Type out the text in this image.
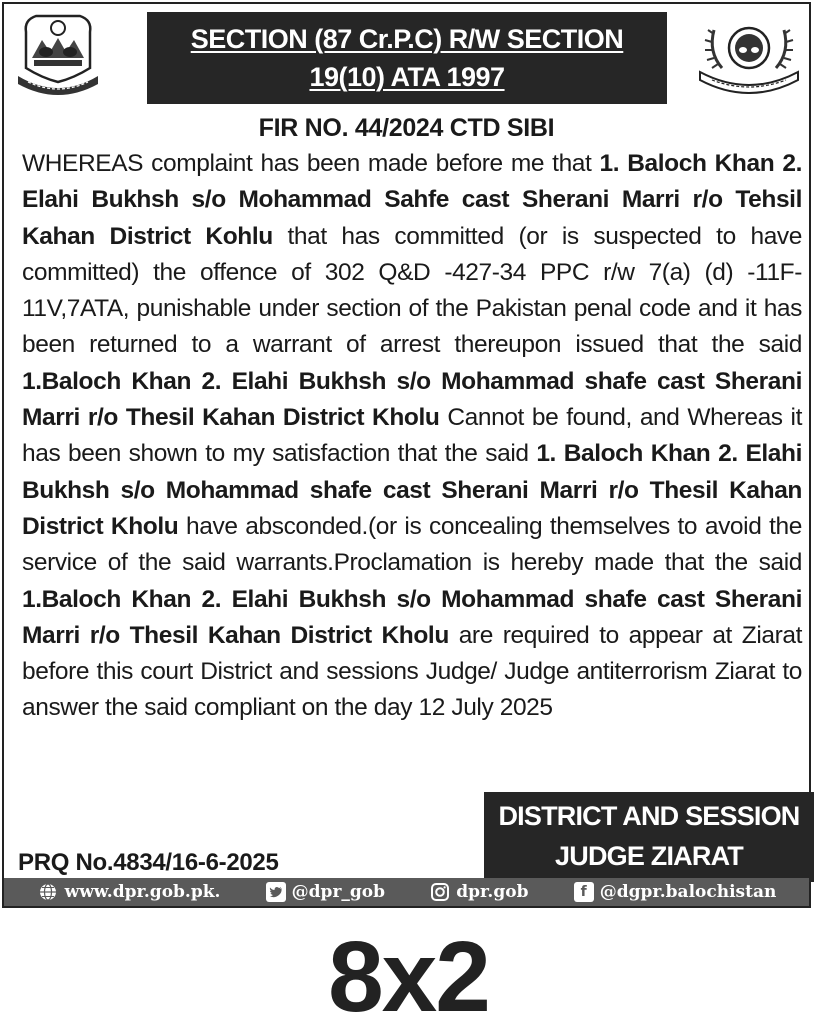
SECTION (87 Cr.P.C) R/W SECTION
19(10) ATA 1997
FIR NO. 44/2024 CTD SIBI
WHEREAS complaint has been made before me that 1. Baloch Khan 2. Elahi Bukhsh s/o Mohammad Sahfe cast Sherani Marri r/o Tehsil Kahan District Kohlu that has committed (or is suspected to have committed) the offence of 302 Q&D -427-34 PPC r/w 7(a) (d) -11F-11V,7ATA, punishable under section of the Pakistan penal code and it has been returned to a warrant of arrest thereupon issued that the said 1.Baloch Khan 2. Elahi Bukhsh s/o Mohammad shafe cast Sherani Marri r/o Thesil Kahan District Kholu Cannot be found, and Whereas it has been shown to my satisfaction that the said 1. Baloch Khan 2. Elahi Bukhsh s/o Mohammad shafe cast Sherani Marri r/o Thesil Kahan District Kholu have absconded.(or is concealing themselves to avoid the service of the said warrants.Proclamation is hereby made that the said 1.Baloch Khan 2. Elahi Bukhsh s/o Mohammad shafe cast Sherani Marri r/o Thesil Kahan District Kholu are required to appear at Ziarat before this court District and sessions Judge/ Judge antiterrorism Ziarat to answer the said compliant on the day 12 July 2025
DISTRICT AND SESSION
JUDGE ZIARAT
PRQ No.4834/16-6-2025
www.dpr.gob.pk.	@dpr_gob	dpr.gob	f @dgpr.balochistan
8x2
